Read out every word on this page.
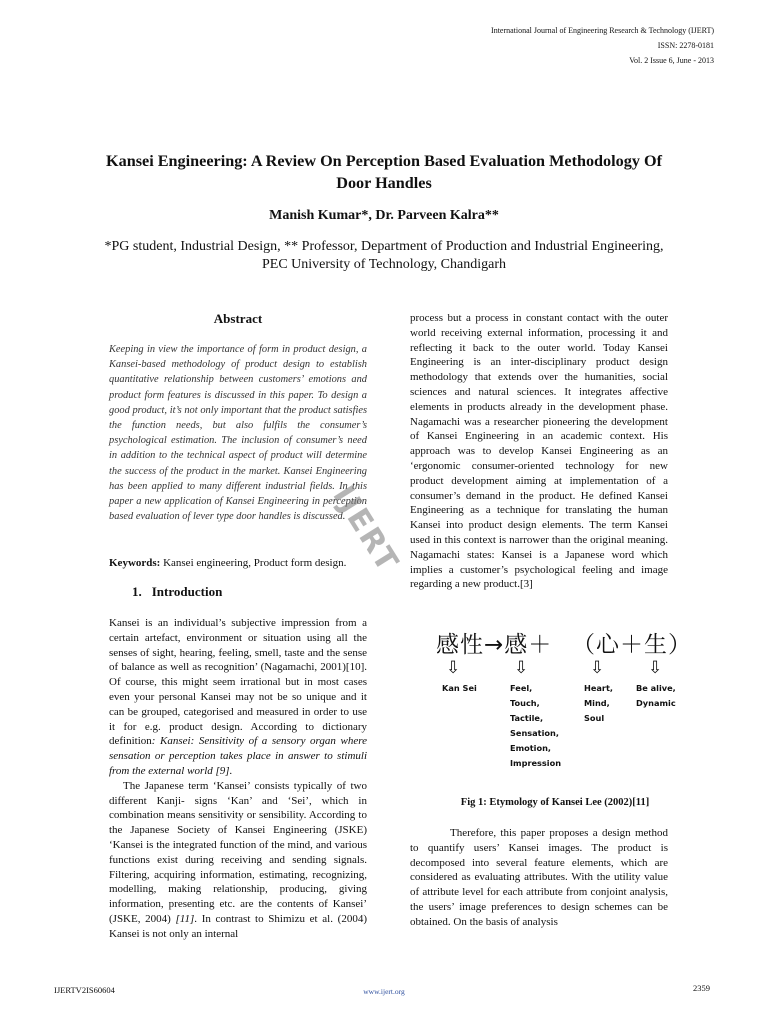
International Journal of Engineering Research & Technology (IJERT)
ISSN: 2278-0181
Vol. 2 Issue 6, June - 2013
Kansei Engineering: A Review On Perception Based Evaluation Methodology Of
Door Handles
Manish Kumar*, Dr. Parveen Kalra**
*PG student, Industrial Design, ** Professor, Department of Production and Industrial Engineering,
PEC University of Technology, Chandigarh
Abstract
Keeping in view the importance of form in product design, a Kansei-based methodology of product design to establish quantitative relationship between customers’ emotions and product form features is discussed in this paper. To design a good product, it’s not only important that the product satisfies the function needs, but also fulfils the consumer’s psychological estimation. The inclusion of consumer’s need in addition to the technical aspect of product will determine the success of the product in the market. Kansei Engineering has been applied to many different industrial fields. In this paper a new application of Kansei Engineering in perception based evaluation of lever type door handles is discussed.
Keywords: Kansei engineering, Product form design.
1. Introduction

Kansei is an individual’s subjective impression from a certain artefact, environment or situation using all the senses of sight, hearing, feeling, smell, taste and the sense of balance as well as recognition’ (Nagamachi, 2001)[10]. Of course, this might seem irrational but in most cases even your personal Kansei may not be so unique and it can be grouped, categorised and measured in order to use it for e.g. product design. According to dictionary definition: Kansei: Sensitivity of a sensory organ where sensation or perception takes place in answer to stimuli from the external world [9].

The Japanese term ‘Kansei’ consists typically of two different Kanji- signs ‘Kan’ and ‘Sei’, which in combination means sensitivity or sensibility. According to the Japanese Society of Kansei Engineering (JSKE) ‘Kansei is the integrated function of the mind, and various functions exist during receiving and sending signals. Filtering, acquiring information, estimating, recognizing, modelling, making relationship, producing, giving information, presenting etc. are the contents of Kansei’ (JSKE, 2004) [11]. In contrast to Shimizu et al. (2004) Kansei is not only an internal

process but a process in constant contact with the outer world receiving external information, processing it and reflecting it back to the outer world. Today Kansei Engineering is an inter-disciplinary product design methodology that extends over the humanities, social sciences and natural sciences. It integrates affective elements in products already in the development phase. Nagamachi was a researcher pioneering the development of Kansei Engineering in an academic context. His approach was to develop Kansei Engineering as an ‘ergonomic consumer-oriented technology for new product development aiming at implementation of a consumer’s demand in the product. He defined Kansei Engineering as a technique for translating the human Kansei into product design elements. The term Kansei used in this context is narrower than the original meaning. Nagamachi states: Kansei is a Japanese word which implies a customer’s psychological feeling and image regarding a new product.[3]
感性→感＋ （心＋生）
⇩	⇩	⇩	⇩
Kan Sei	Feel,
Touch,
Tactile,
Sensation,
Emotion,
Impression
Heart,
Mind,
Soul
Be alive,
Dynamic
Fig 1: Etymology of Kansei Lee (2002)[11]
Therefore, this paper proposes a design method to quantify users’ Kansei images. The product is decomposed into several feature elements, which are considered as evaluating attributes. With the utility value of attribute level for each attribute from conjoint analysis, the users’ image preferences to design schemes can be obtained. On the basis of analysis
IJERT
IJERTV2IS60604	www.ijert.org	2359
